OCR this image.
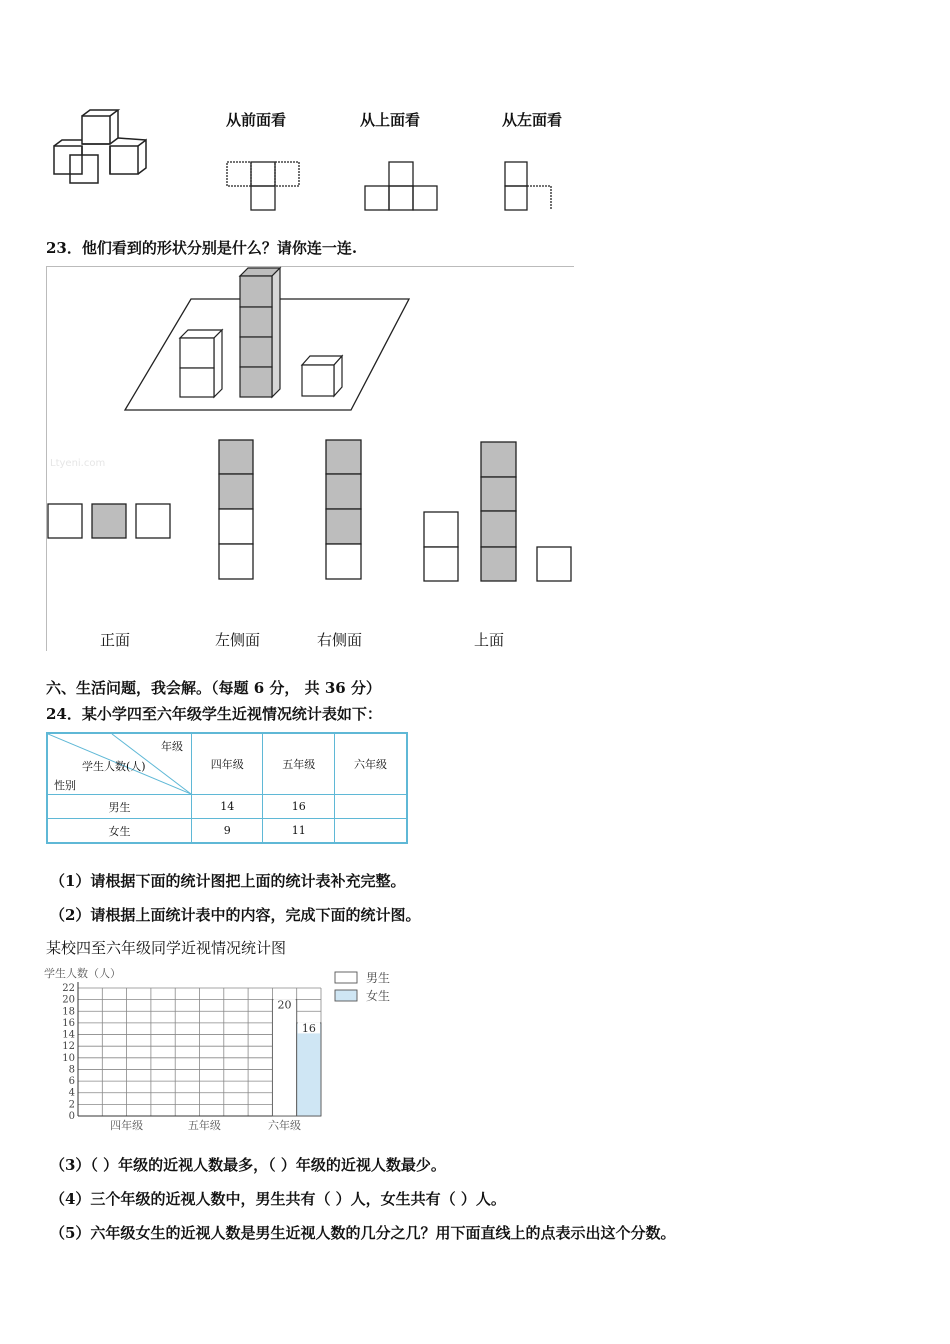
从前面看	从上面看	从左面看
23．他们看到的形状分别是什么？请你连一连.
Ltyeni.com
正面	左侧面	右侧面	上面
六、生活问题，我会解。（每题 6 分， 共 36 分）
24．某小学四至六年级学生近视情况统计表如下：
年级
学生人数(人)
性别	四年级	五年级	六年级
男生	14	16	
女生	9	11	
（1）请根据下面的统计图把上面的统计表补充完整。
（2）请根据上面统计表中的内容，完成下面的统计图。
某校四至六年级同学近视情况统计图
学生人数（人）
0
2
4
6
8
10
12
14
16
18
20
22
四年级	五年级	六年级
20
16
男生
女生
（3）（ ）年级的近视人数最多，（ ）年级的近视人数最少。
（4）三个年级的近视人数中，男生共有（ ）人，女生共有（ ）人。
（5）六年级女生的近视人数是男生近视人数的几分之几？用下面直线上的点表示出这个分数。
